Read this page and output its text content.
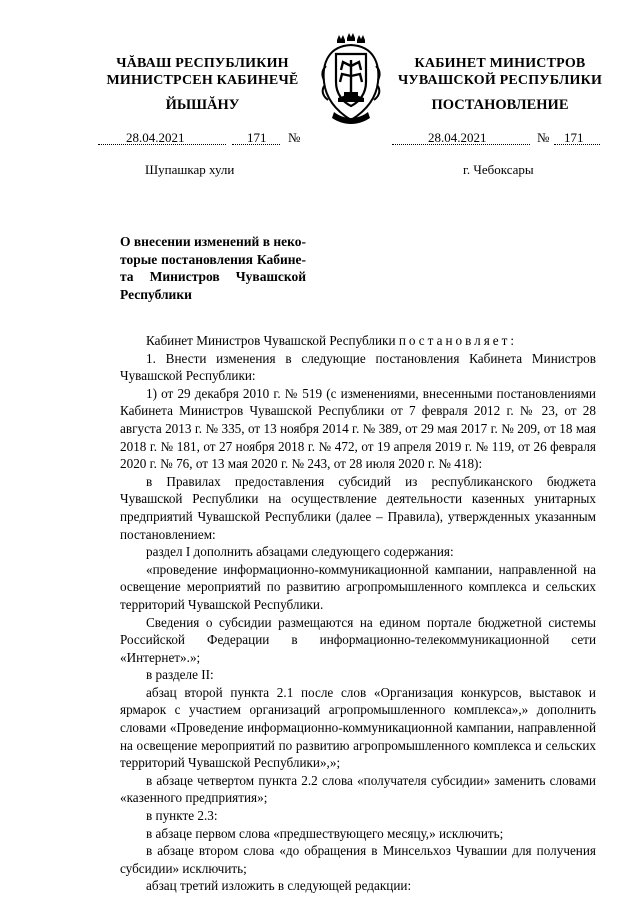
ЧĂВАШ РЕСПУБЛИКИН
МИНИСТРСЕН КАБИНЕЧĔ
ЙЫШĂНУ
КАБИНЕТ МИНИСТРОВ
ЧУВАШСКОЙ РЕСПУБЛИКИ
ПОСТАНОВЛЕНИЕ
28.04.2021	171 №	28.04.2021	№ 171
Шупашкар хули	г. Чебоксары
О внесении изменений в неко-
торые постановления Кабине-
та Министров Чувашской
Республики

Кабинет Министров Чувашской Республики постановляет:

1. Внести изменения в следующие постановления Кабинета Министров Чувашской Республики:

1) от 29 декабря 2010 г. № 519 (с изменениями, внесенными постановлениями Кабинета Министров Чувашской Республики от 7 февраля 2012 г. № 23, от 28 августа 2013 г. № 335, от 13 ноября 2014 г. № 389, от 29 мая 2017 г. № 209, от 18 мая 2018 г. № 181, от 27 ноября 2018 г. № 472, от 19 апреля 2019 г. № 119, от 26 февраля 2020 г. № 76, от 13 мая 2020 г. № 243, от 28 июля 2020 г. № 418):

в Правилах предоставления субсидий из республиканского бюджета Чувашской Республики на осуществление деятельности казенных унитарных предприятий Чувашской Республики (далее – Правила), утвержденных указанным постановлением:

раздел I дополнить абзацами следующего содержания:

«проведение информационно-коммуникационной кампании, направленной на освещение мероприятий по развитию агропромышленного комплекса и сельских территорий Чувашской Республики.

Сведения о субсидии размещаются на едином портале бюджетной системы Российской Федерации в информационно-телекоммуникационной сети «Интернет».»;

в разделе II:

абзац второй пункта 2.1 после слов «Организация конкурсов, выставок и ярмарок с участием организаций агропромышленного комплекса»,» дополнить словами «Проведение информационно-коммуникационной кампании, направленной на освещение мероприятий по развитию агропромышленного комплекса и сельских территорий Чувашской Республики»,»;

в абзаце четвертом пункта 2.2 слова «получателя субсидии» заменить словами «казенного предприятия»;

в пункте 2.3:

в абзаце первом слова «предшествующего месяцу,» исключить;

в абзаце втором слова «до обращения в Минсельхоз Чувашии для получения субсидии» исключить;

абзац третий изложить в следующей редакции:
